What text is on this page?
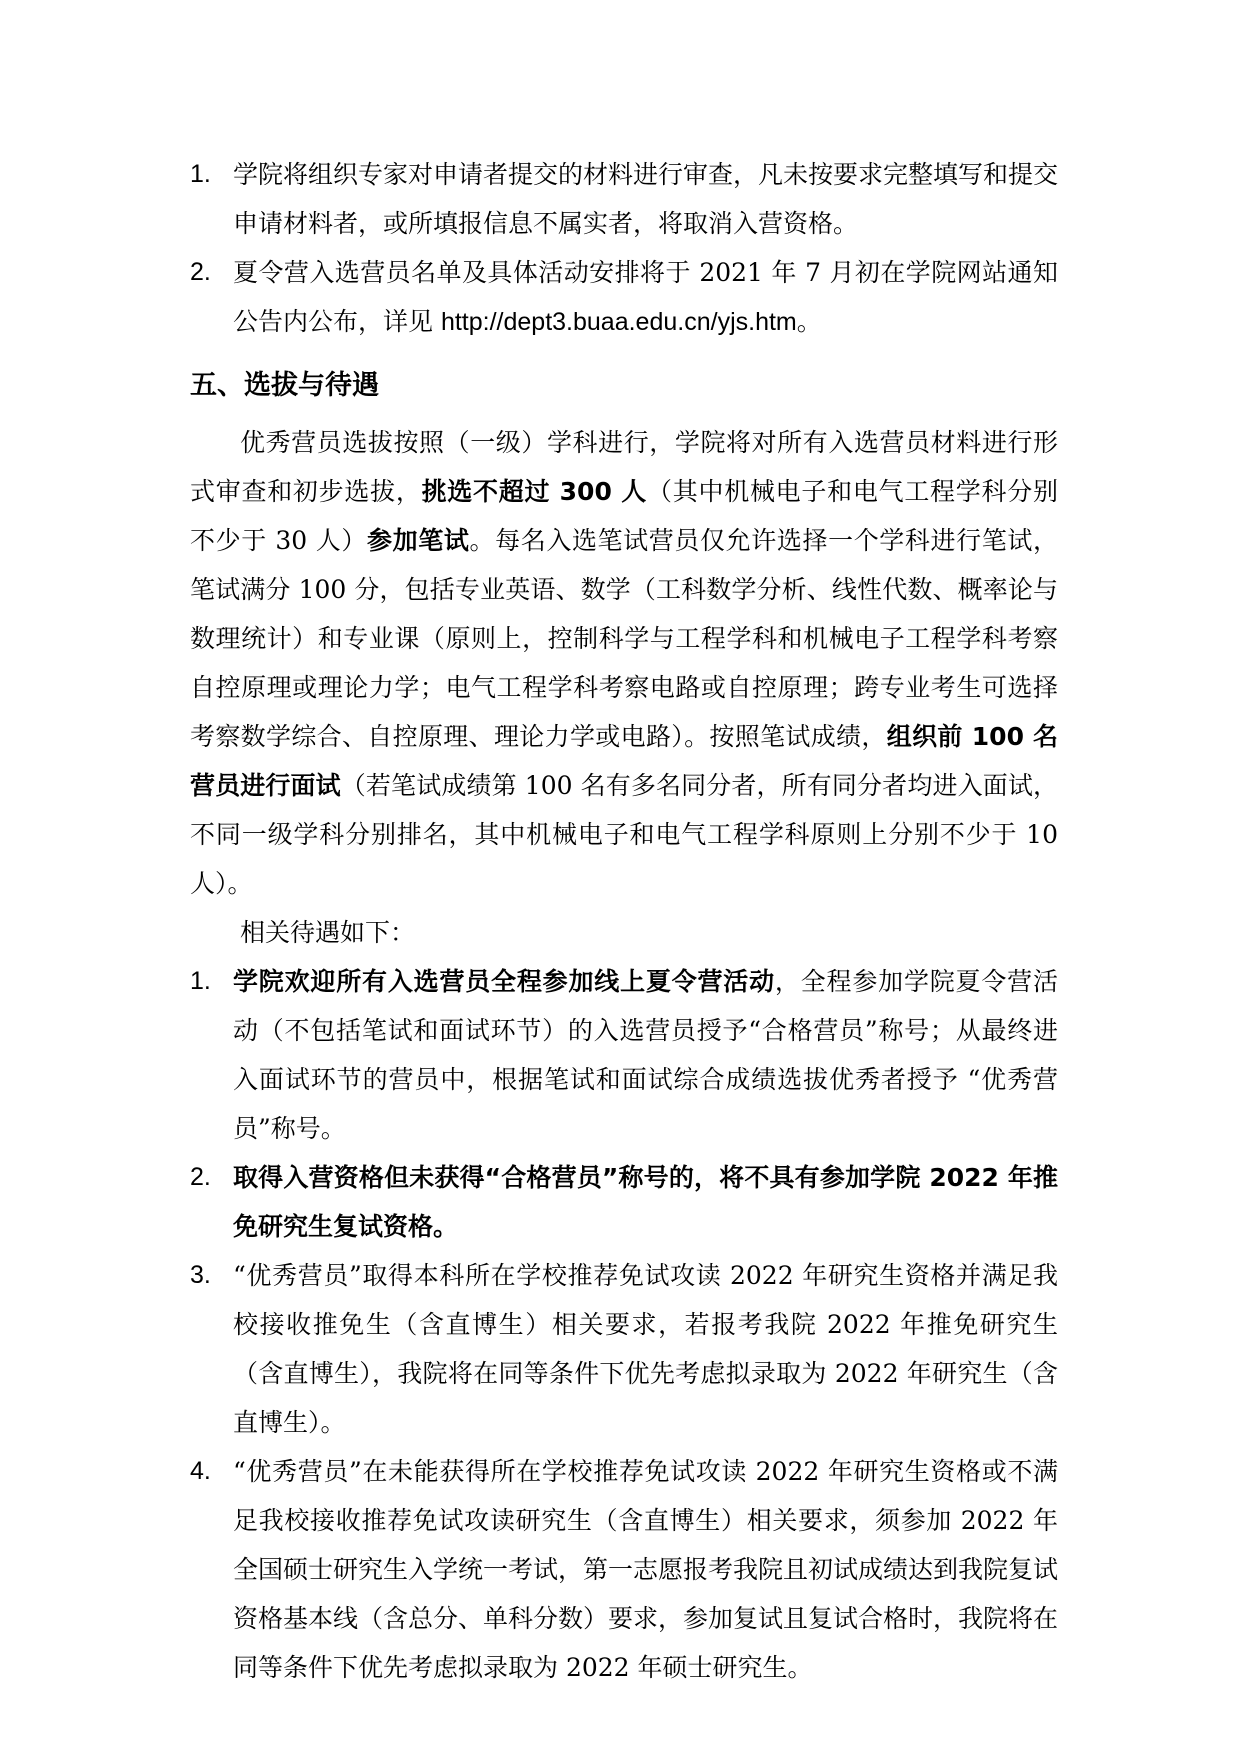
1. 学院将组织专家对申请者提交的材料进行审查，凡未按要求完整填写和提交申请材料者，或所填报信息不属实者，将取消入营资格。
2. 夏令营入选营员名单及具体活动安排将于 2021 年 7 月初在学院网站通知公告内公布，详见 http://dept3.buaa.edu.cn/yjs.htm。
五、选拔与待遇
优秀营员选拔按照（一级）学科进行，学院将对所有入选营员材料进行形式审查和初步选拔，挑选不超过 300 人（其中机械电子和电气工程学科分别不少于 30 人）参加笔试。每名入选笔试营员仅允许选择一个学科进行笔试，笔试满分 100 分，包括专业英语、数学（工科数学分析、线性代数、概率论与数理统计）和专业课（原则上，控制科学与工程学科和机械电子工程学科考察自控原理或理论力学；电气工程学科考察电路或自控原理；跨专业考生可选择考察数学综合、自控原理、理论力学或电路）。按照笔试成绩，组织前 100 名营员进行面试（若笔试成绩第 100 名有多名同分者，所有同分者均进入面试，不同一级学科分别排名，其中机械电子和电气工程学科原则上分别不少于 10 人）。
相关待遇如下：
1. 学院欢迎所有入选营员全程参加线上夏令营活动，全程参加学院夏令营活动（不包括笔试和面试环节）的入选营员授予“合格营员”称号；从最终进入面试环节的营员中，根据笔试和面试综合成绩选拔优秀者授予 “优秀营员”称号。
2. 取得入营资格但未获得“合格营员”称号的，将不具有参加学院 2022 年推免研究生复试资格。
3. “优秀营员”取得本科所在学校推荐免试攻读 2022 年研究生资格并满足我校接收推免生（含直博生）相关要求，若报考我院 2022 年推免研究生（含直博生），我院将在同等条件下优先考虑拟录取为 2022 年研究生（含直博生）。
4. “优秀营员”在未能获得所在学校推荐免试攻读 2022 年研究生资格或不满足我校接收推荐免试攻读研究生（含直博生）相关要求，须参加 2022 年全国硕士研究生入学统一考试，第一志愿报考我院且初试成绩达到我院复试资格基本线（含总分、单科分数）要求，参加复试且复试合格时，我院将在同等条件下优先考虑拟录取为 2022 年硕士研究生。
